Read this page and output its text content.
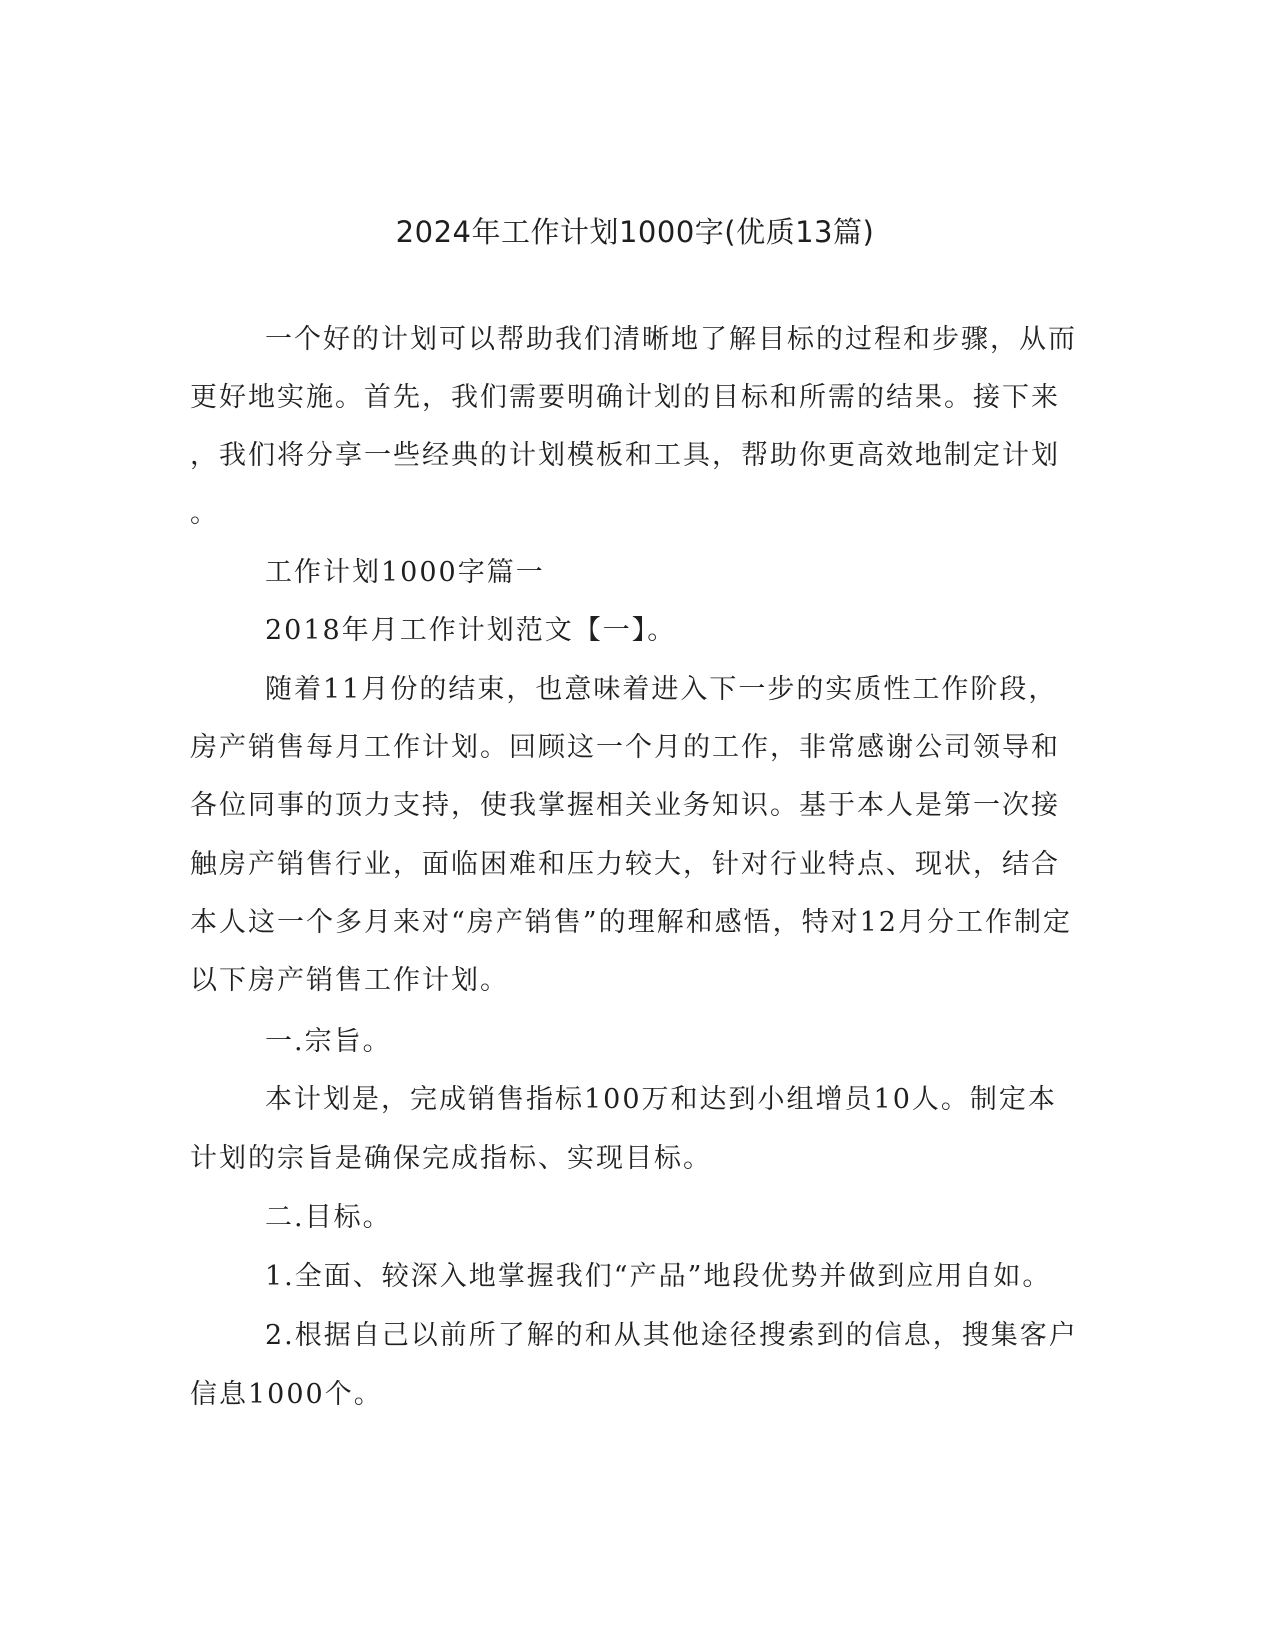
2024年工作计划1000字(优质13篇)
一个好的计划可以帮助我们清晰地了解目标的过程和步骤，从而
更好地实施。首先，我们需要明确计划的目标和所需的结果。接下来
，我们将分享一些经典的计划模板和工具，帮助你更高效地制定计划
。
工作计划1000字篇一
2018年月工作计划范文【一】。
随着11月份的结束，也意味着进入下一步的实质性工作阶段，
房产销售每月工作计划。回顾这一个月的工作，非常感谢公司领导和
各位同事的顶力支持，使我掌握相关业务知识。基于本人是第一次接
触房产销售行业，面临困难和压力较大，针对行业特点、现状，结合
本人这一个多月来对“房产销售”的理解和感悟，特对12月分工作制定
以下房产销售工作计划。
一.宗旨。
本计划是，完成销售指标100万和达到小组增员10人。制定本
计划的宗旨是确保完成指标、实现目标。
二.目标。
1.全面、较深入地掌握我们“产品”地段优势并做到应用自如。
2.根据自己以前所了解的和从其他途径搜索到的信息，搜集客户
信息1000个。
